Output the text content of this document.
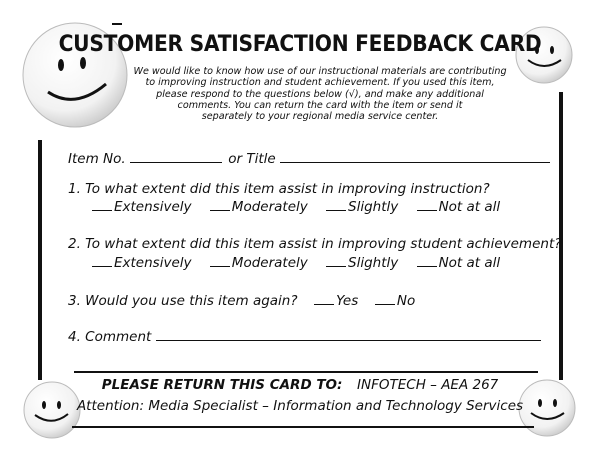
CUSTOMER SATISFACTION FEEDBACK CARD
We would like to know how use of our instructional materials are contributing
to improving instruction and student achievement. If you used this item,
please respond to the questions below (√), and make any additional
comments. You can return the card with the item or send it
separately to your regional media service center.
Item No.	or Title
1. To what extent did this item assist in improving instruction?
Extensively	Moderately	Slightly	Not at all
2. To what extent did this item assist in improving student achievement?
Extensively	Moderately	Slightly	Not at all
3. Would you use this item again?	Yes	No
4. Comment
PLEASE RETURN THIS CARD TO: INFOTECH – AEA 267
Attention: Media Specialist – Information and Technology Services
